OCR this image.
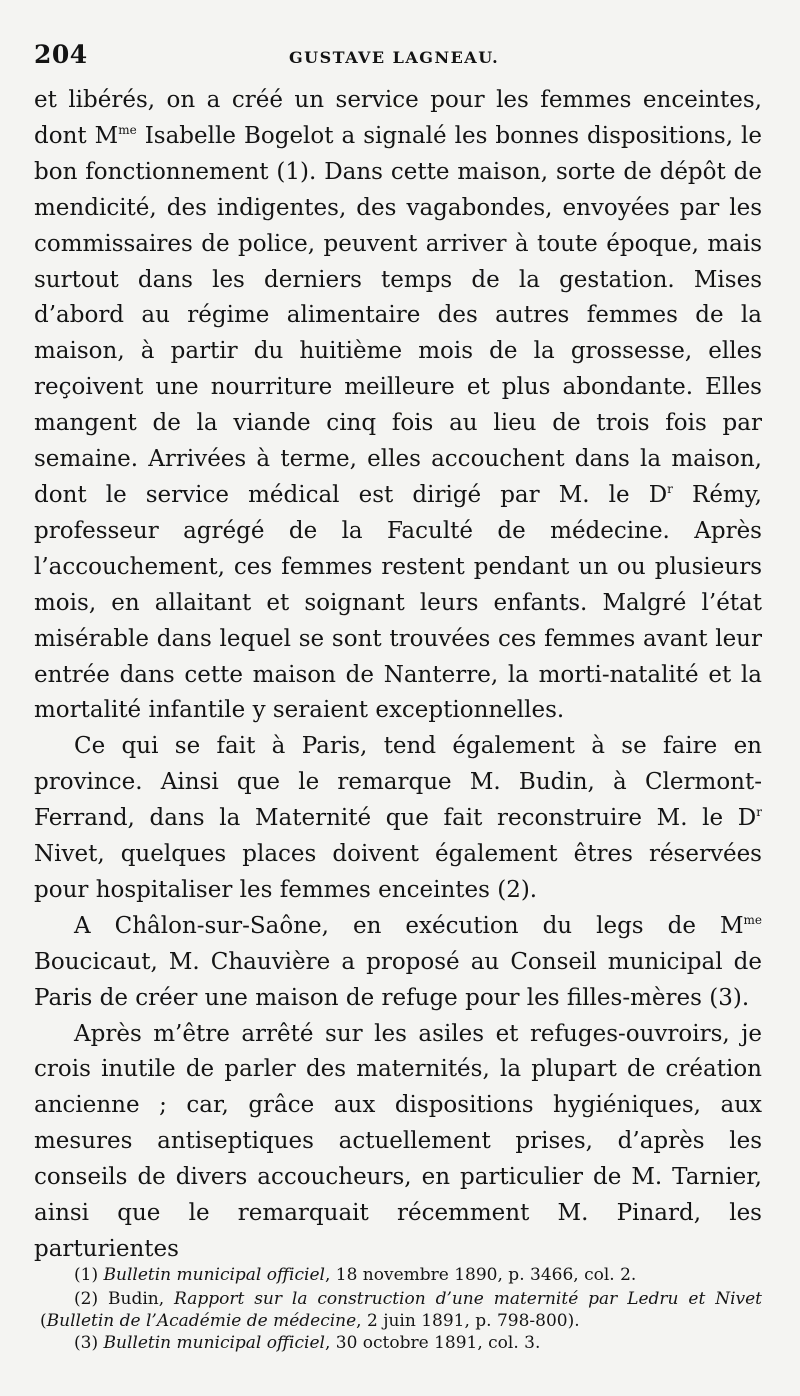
204	GUSTAVE LAGNEAU.

et libérés, on a créé un service pour les femmes enceintes, dont $M^{me}$ Isabelle Bogelot a signalé les bonnes dispositions, le bon fonctionnement (1). Dans cette maison, sorte de dépôt de mendicité, des indigentes, des vagabondes, envoyées par les commissaires de police, peuvent arriver à toute époque, mais surtout dans les derniers temps de la gestation. Mises d’abord au régime alimentaire des autres femmes de la maison, à partir du huitième mois de la grossesse, elles reçoivent une nourriture meilleure et plus abondante. Elles mangent de la viande cinq fois au lieu de trois fois par semaine. Arrivées à terme, elles accouchent dans la maison, dont le service médical est dirigé par M. le $D^r$ Rémy, professeur agrégé de la Faculté de médecine. Après l’accouchement, ces femmes restent pendant un ou plusieurs mois, en allaitant et soignant leurs enfants. Malgré l’état misérable dans lequel se sont trouvées ces femmes avant leur entrée dans cette maison de Nanterre, la morti-natalité et la mortalité infantile y seraient exceptionnelles.

Ce qui se fait à Paris, tend également à se faire en province. Ainsi que le remarque M. Budin, à Clermont-Ferrand, dans la Maternité que fait reconstruire M. le $D^r$ Nivet, quelques places doivent également êtres réservées pour hospitaliser les femmes enceintes (2).

A Châlon-sur-Saône, en exécution du legs de $M^{me}$ Boucicaut, M. Chauvière a proposé au Conseil municipal de Paris de créer une maison de refuge pour les filles-mères (3).

Après m’être arrêté sur les asiles et refuges-ouvroirs, je crois inutile de parler des maternités, la plupart de création ancienne ; car, grâce aux dispositions hygiéniques, aux mesures antiseptiques actuellement prises, d’après les conseils de divers accoucheurs, en particulier de M. Tarnier, ainsi que le remarquait récemment M. Pinard, les parturientes

(1) Bulletin municipal officiel, 18 novembre 1890, p. 3466, col. 2.

(2) Budin, Rapport sur la construction d’une maternité par Ledru et Nivet (Bulletin de l’Académie de médecine, 2 juin 1891, p. 798-800).

(3) Bulletin municipal officiel, 30 octobre 1891, col. 3.
